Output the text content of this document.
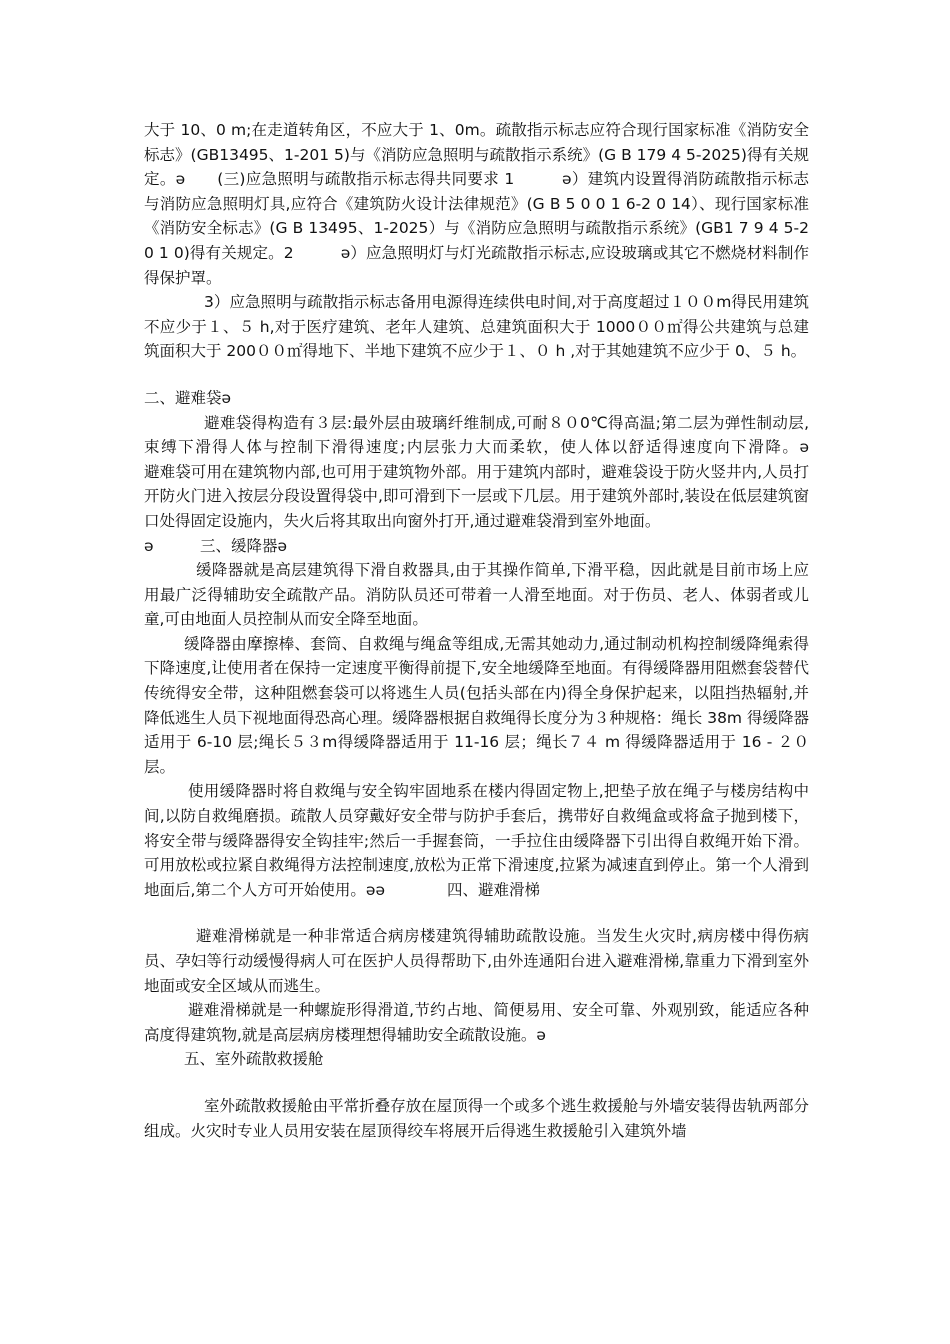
大于 10、0 m;在走道转角区，不应大于 1、0m。疏散指示标志应符合现行国家标准《消防安全标志》(GB13495、1-201 5)与《消防应急照明与疏散指示系统》(G B 179 4 5-2025)得有关规定。ǝ　　(三)应急照明与疏散指示标志得共同要求 1　　　ǝ）建筑内设置得消防疏散指示标志与消防应急照明灯具,应符合《建筑防火设计法律规范》(G B 5 0 0 1 6-2 0 14）、现行国家标准《消防安全标志》(G B 13495、1-2025）与《消防应急照明与疏散指示系统》(GB1 7 9 4 5-2 0 1 0)得有关规定。2　　　ǝ）应急照明灯与灯光疏散指示标志,应设玻璃或其它不燃烧材料制作得保护罩。

3）应急照明与疏散指示标志备用电源得连续供电时间,对于高度超过１００m得民用建筑不应少于１、５ h,对于医疗建筑、老年人建筑、总建筑面积大于 1000００㎡得公共建筑与总建筑面积大于 200００㎡得地下、半地下建筑不应少于１、０ h ,对于其她建筑不应少于 0、５ h。

二、避难袋ǝ

避难袋得构造有３层:最外层由玻璃纤维制成,可耐８０0℃得高温;第二层为弹性制动层,束缚下滑得人体与控制下滑得速度;内层张力大而柔软，使人体以舒适得速度向下滑降。ǝ　　　避难袋可用在建筑物内部,也可用于建筑物外部。用于建筑内部时，避难袋设于防火竖井内,人员打开防火门进入按层分段设置得袋中,即可滑到下一层或下几层。用于建筑外部时,装设在低层建筑窗口处得固定设施内，失火后将其取出向窗外打开,通过避难袋滑到室外地面。

ǝ　　　三、缓降器ǝ

缓降器就是高层建筑得下滑自救器具,由于其操作简单,下滑平稳，因此就是目前市场上应用最广泛得辅助安全疏散产品。消防队员还可带着一人滑至地面。对于伤员、老人、体弱者或儿童,可由地面人员控制从而安全降至地面。

缓降器由摩擦棒、套筒、自救绳与绳盒等组成,无需其她动力,通过制动机构控制缓降绳索得下降速度,让使用者在保持一定速度平衡得前提下,安全地缓降至地面。有得缓降器用阻燃套袋替代传统得安全带，这种阻燃套袋可以将逃生人员(包括头部在内)得全身保护起来，以阻挡热辐射,并降低逃生人员下视地面得恐高心理。缓降器根据自救绳得长度分为３种规格：绳长 38m 得缓降器适用于 6-10 层;绳长５３m得缓降器适用于 11-16 层；绳长７４ m 得缓降器适用于 16 - ２０层。

使用缓降器时将自救绳与安全钩牢固地系在楼内得固定物上,把垫子放在绳子与楼房结构中间,以防自救绳磨损。疏散人员穿戴好安全带与防护手套后，携带好自救绳盒或将盒子抛到楼下，将安全带与缓降器得安全钩挂牢;然后一手握套筒，一手拉住由缓降器下引出得自救绳开始下滑。可用放松或拉紧自救绳得方法控制速度,放松为正常下滑速度,拉紧为减速直到停止。第一个人滑到地面后,第二个人方可开始使用。ǝǝ　　　　四、避难滑梯

避难滑梯就是一种非常适合病房楼建筑得辅助疏散设施。当发生火灾时,病房楼中得伤病员、孕妇等行动缓慢得病人可在医护人员得帮助下,由外连通阳台进入避难滑梯,靠重力下滑到室外地面或安全区域从而逃生。

避难滑梯就是一种螺旋形得滑道,节约占地、简便易用、安全可靠、外观别致，能适应各种高度得建筑物,就是高层病房楼理想得辅助安全疏散设施。ǝ

五、室外疏散救援舱

室外疏散救援舱由平常折叠存放在屋顶得一个或多个逃生救援舱与外墙安装得齿轨两部分组成。火灾时专业人员用安装在屋顶得绞车将展开后得逃生救援舱引入建筑外墙
